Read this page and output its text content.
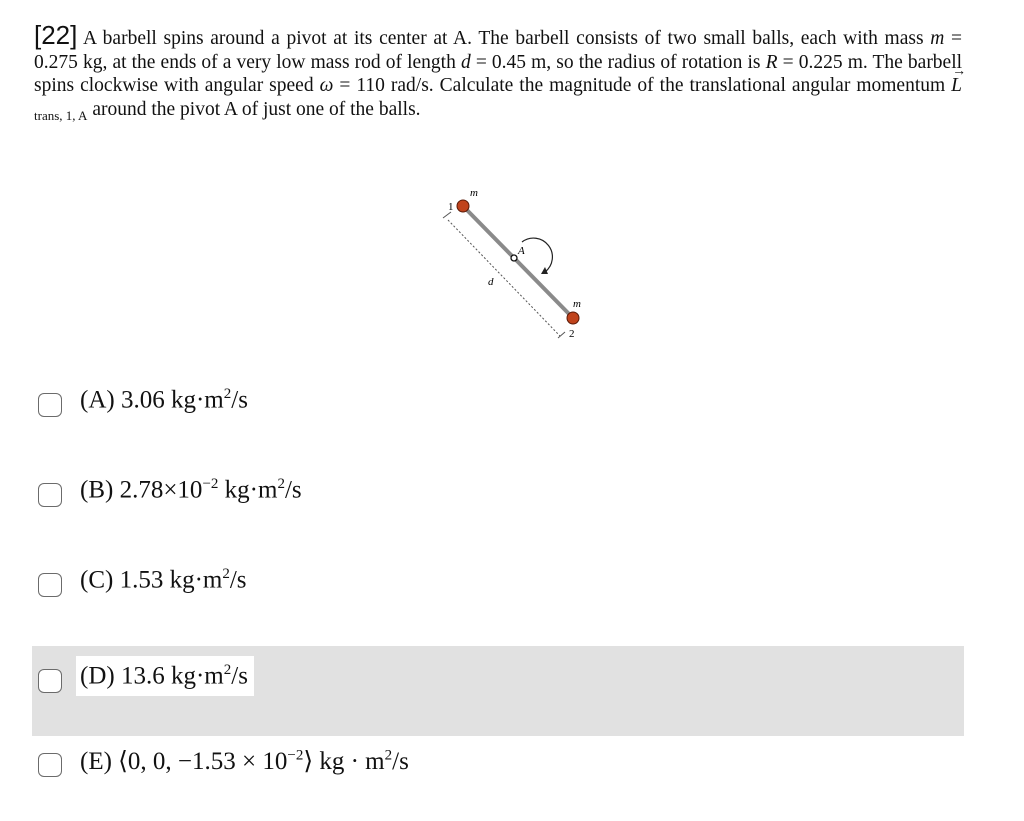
[22] A barbell spins around a pivot at its center at A. The barbell consists of two small balls, each with mass m = 0.275 kg, at the ends of a very low mass rod of length d = 0.45 m, so the radius of rotation is R = 0.225 m. The barbell spins clockwise with angular speed ω = 110 rad/s. Calculate the magnitude of the translational angular momentum → $L_{trans, 1, A}$ around the pivot A of just one of the balls.
m
1
A
d
m
2
(A) 3.06 $kg\cdot m^2/s$
(B) $2.78\times 10^{-2}$ $kg\cdot m^2/s$
(C) 1.53 $kg\cdot m^2/s$
(D) 13.6 $kg\cdot m^2/s$
(E) ⟨0, 0, $-1.53 \times 10^{-2}⟩$ kg · $m^2/s$
